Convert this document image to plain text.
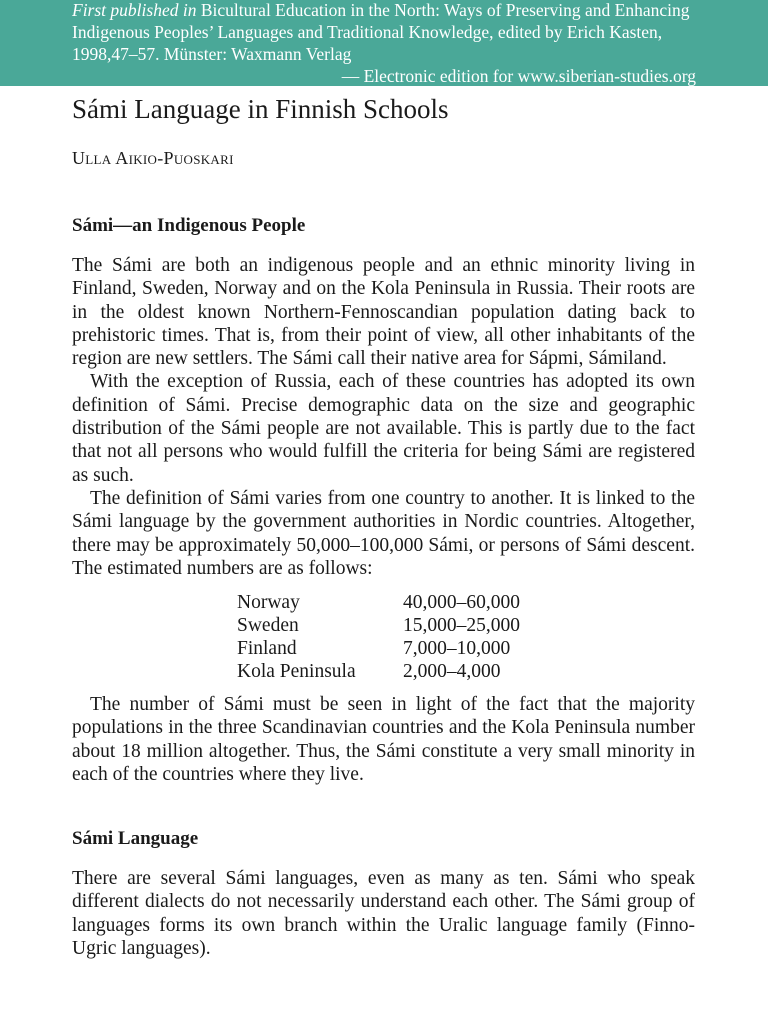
First published in Bicultural Education in the North: Ways of Preserving and Enhancing
Indigenous Peoples’ Languages and Traditional Knowledge, edited by Erich Kasten,
1998,47–57. Münster: Waxmann Verlag
— Electronic edition for www.siberian-studies.org
Sámi Language in Finnish Schools
Ulla Aikio-Puoskari
Sámi—an Indigenous People

The Sámi are both an indigenous people and an ethnic minority living in Finland, Sweden, Norway and on the Kola Peninsula in Russia. Their roots are in the oldest known Northern-Fennoscandian population dating back to prehistoric times. That is, from their point of view, all other inhabitants of the region are new settlers. The Sámi call their native area for Sápmi, Sámiland.

With the exception of Russia, each of these countries has adopted its own definition of Sámi. Precise demographic data on the size and geographic distribution of the Sámi people are not available. This is partly due to the fact that not all persons who would fulfill the criteria for being Sámi are registered as such.

The definition of Sámi varies from one country to another. It is linked to the Sámi language by the government authorities in Nordic countries. Altogether, there may be approximately 50,000–100,000 Sámi, or persons of Sámi descent. The estimated numbers are as follows:

Norway	40,000–60,000
Sweden	15,000–25,000
Finland	7,000–10,000
Kola Peninsula	2,000–4,000

The number of Sámi must be seen in light of the fact that the majority populations in the three Scandinavian countries and the Kola Peninsula number about 18 million altogether. Thus, the Sámi constitute a very small minority in each of the countries where they live.

Sámi Language

There are several Sámi languages, even as many as ten. Sámi who speak different dialects do not necessarily understand each other. The Sámi group of languages forms its own branch within the Uralic language family (Finno-Ugric languages).
